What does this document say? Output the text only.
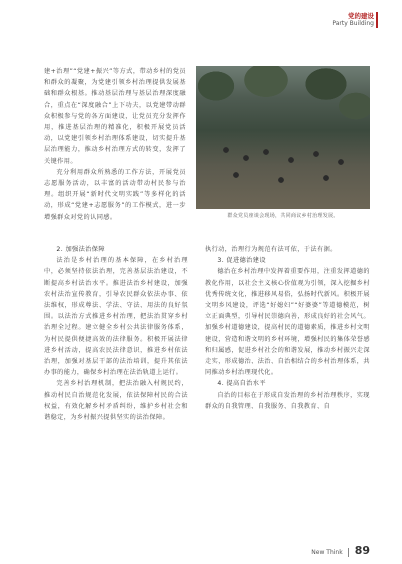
党的建设
Party Building

建+治理”“党建+振兴”等方式，带动乡村的党员和群众的凝聚，为党建引领乡村治理提供发展基础和群众根基。推动基层治理与基层治理深度融合，重点在“深度融合”上下功夫，以党建带动群众积极参与党的各方面建设，让党员充分发挥作用，推进基层治理的精准化，积极开展党员活动，以党建引领乡村治理体系建设，切实提升基层治理能力，推动乡村治理方式的转变，发挥了关键作用。

充分利用群众所熟悉的工作方法，开展党员志愿服务活动，以丰富的活动带动村民参与治理。组织开展“新时代文明实践”等多样化的活动，形成“党建+志愿服务”的工作模式，进一步增强群众对党的认同感。	群众党员座谈会现场，共同商议乡村治理发展。
2. 加强法治保障

法治是乡村治理的基本保障，在乡村治理中，必须坚持依法治理，完善基层法治建设，不断提高乡村法治水平。推进法治乡村建设，加强农村法治宣传教育，引导农民群众依法办事、依法维权，形成尊法、学法、守法、用法的良好氛围。以法治方式推进乡村治理，把法治贯穿乡村治理全过程。建立健全乡村公共法律服务体系，为村民提供便捷高效的法律服务。积极开展法律进乡村活动，提高农民法律意识，推进乡村依法治理，加强对基层干部的法治培训，提升其依法办事的能力，确保乡村治理在法治轨道上运行。

完善乡村治理机制，把法治融入村规民约，推动村民自治规范化发展，依法保障村民的合法权益，有效化解乡村矛盾纠纷，维护乡村社会和谐稳定，为乡村振兴提供坚实的法治保障。

执行动，治理行为规范有法可依，于法有据。

3. 促进德治建设

德治在乡村治理中发挥着重要作用，注重发挥道德的教化作用，以社会主义核心价值观为引领，深入挖掘乡村优秀传统文化，推进移风易俗，弘扬时代新风。积极开展文明乡风建设，评选“好媳妇”“好婆婆”等道德模范，树立正面典型，引导村民崇德向善，形成良好的社会风气。加强乡村道德建设，提高村民的道德素质，推进乡村文明建设，营造和谐文明的乡村环境，增强村民的集体荣誉感和归属感，促进乡村社会的和谐发展，推动乡村振兴走深走实，形成德治、法治、自治相结合的乡村治理体系，共同推动乡村治理现代化。

4. 提高自治水平

自治的目标在于形成自发治理的乡村治理秩序，实现群众的自我管理、自我服务、自我教育、自

New Think 89
